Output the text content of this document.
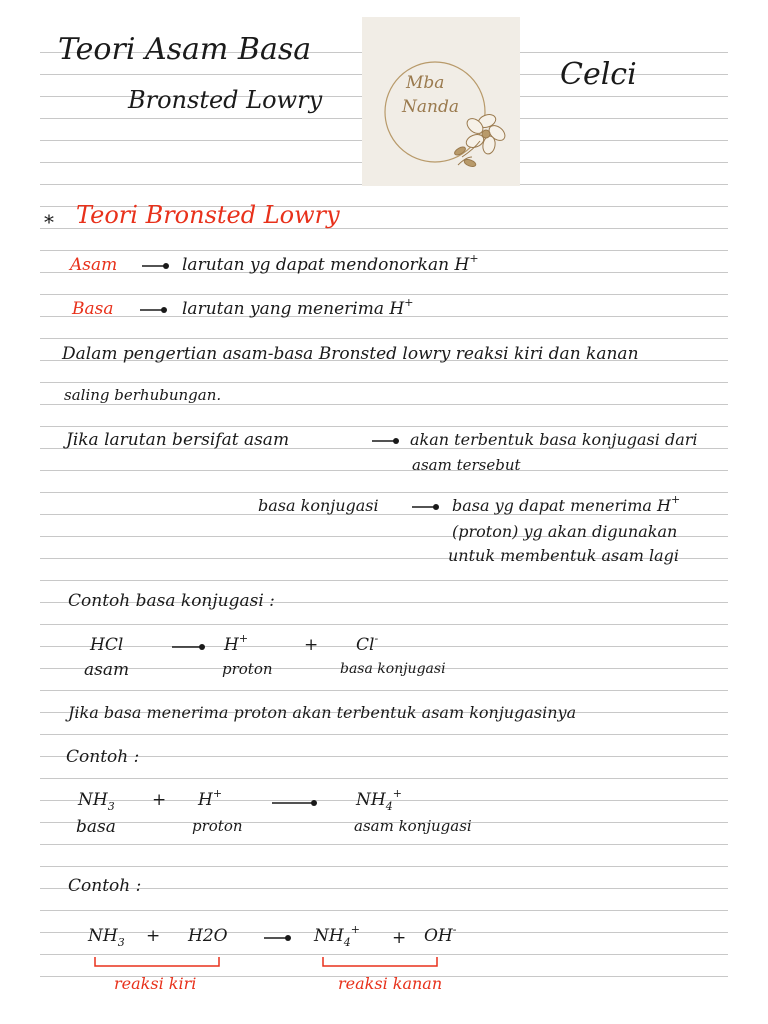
Teori Asam Basa
Bronsted Lowry
Celci
Mba
Nanda
* Teori Bronsted Lowry
Asam	larutan yg dapat mendonorkan H+
Basa	larutan yang menerima H+
Dalam pengertian asam-basa Bronsted lowry reaksi kiri dan kanan
saling berhubungan.
Jika larutan bersifat asam	akan terbentuk basa konjugasi dari
asam tersebut
basa konjugasi	basa yg dapat menerima H+
(proton) yg akan digunakan
untuk membentuk asam lagi
Contoh basa konjugasi :
HCl	H+	+ Cl-
asam	proton	basa konjugasi
Jika basa menerima proton akan terbentuk asam konjugasinya
Contoh :
NH3 + H+	NH4+
basa	proton	asam konjugasi
Contoh :
NH3 + H2O	NH4+ + OH-
reaksi kiri	reaksi kanan
